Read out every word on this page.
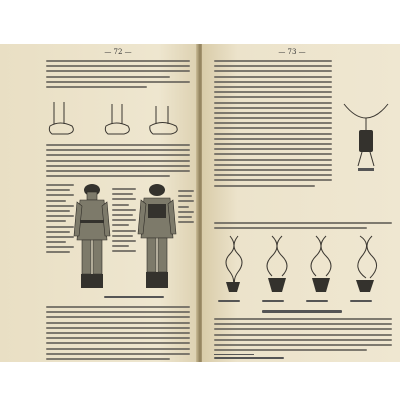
— 72 —	— 73 —
